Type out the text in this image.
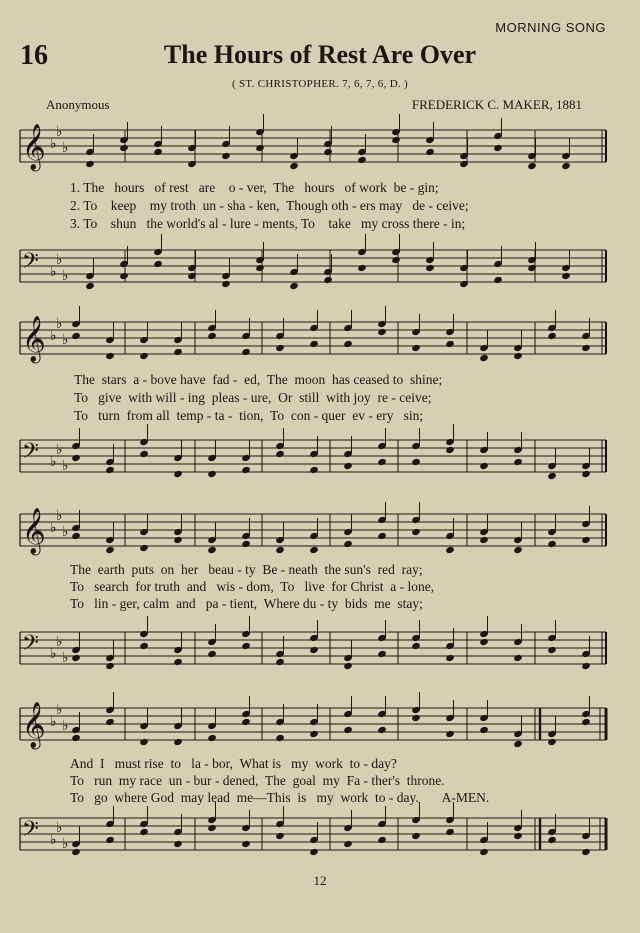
16
MORNING SONG
The Hours of Rest Are Over
( ST. CHRISTOPHER. 7, 6, 7, 6, D. )
Anonymous	FREDERICK C. MAKER, 1881
𝄞 ♭
♭
♭
1. The   hours   of rest   are    o - ver,  The   hours   of work  be - gin;
2. To    keep    my troth  un - sha - ken,  Though oth - ers may   de - ceive;
3. To    shun   the world's al - lure - ments, To    take   my cross there - in;
𝄢 ♭
♭
♭
𝄞 ♭
♭
♭
The  stars  a - bove have  fad -  ed,  The  moon  has ceased to  shine;
To   give  with will - ing  pleas - ure,  Or  still  with joy  re - ceive;
To   turn  from all  temp - ta -  tion,  To  con - quer  ev - ery   sin;
𝄢 ♭
♭
♭
𝄞 ♭
♭
♭
The  earth  puts  on  her   beau - ty  Be - neath  the sun's  red  ray;
To   search  for truth  and   wis - dom,  To   live  for Christ  a - lone,
To   lin - ger, calm  and   pa - tient,  Where du - ty  bids  me  stay;
𝄢 ♭
♭
♭
𝄞 ♭
♭
♭
And  I   must rise  to   la - bor,  What is   my  work  to - day?
To   run  my race  un - bur - dened,  The  goal  my  Fa - ther's  throne.
To   go  where God  may lead  me—This  is   my  work  to - day.       A-MEN.
𝄢 ♭
♭
♭
12
